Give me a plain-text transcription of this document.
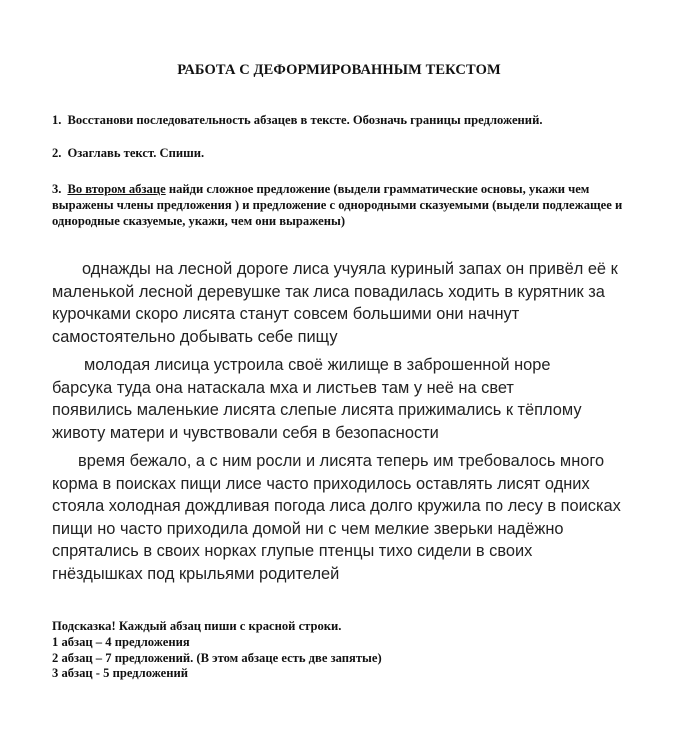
РАБОТА С ДЕФОРМИРОВАННЫМ ТЕКСТОМ
1. Восстанови последовательность абзацев в тексте. Обозначь границы предложений.
2. Озаглавь текст. Спиши.
3. Во втором абзаце найди сложное предложение (выдели грамматические основы, укажи чем выражены члены предложения ) и предложение с однородными сказуемыми (выдели подлежащее и однородные сказуемые, укажи, чем они выражены)
однажды на лесной дороге лиса учуяла куриный запах он привёл её к
маленькой лесной деревушке так лиса повадилась ходить в курятник за
курочками скоро лисята станут совсем большими они начнут
самостоятельно добывать себе пищу
молодая лисица устроила своё жилище в заброшенной норе
барсука туда она натаскала мха и листьев там у неё на свет
появились маленькие лисята слепые лисята прижимались к тёплому
животу матери и чувствовали себя в безопасности
время бежало, а с ним росли и лисята теперь им требовалось много
корма в поисках пищи лисе часто приходилось оставлять лисят одних
стояла холодная дождливая погода лиса долго кружила по лесу в поисках
пищи но часто приходила домой ни с чем мелкие зверьки надёжно
спрятались в своих норках глупые птенцы тихо сидели в своих
гнёздышках под крыльями родителей
Подсказка! Каждый абзац пиши с красной строки.
1 абзац – 4 предложения
2 абзац – 7 предложений. (В этом абзаце есть две запятые)
3 абзац - 5 предложений
